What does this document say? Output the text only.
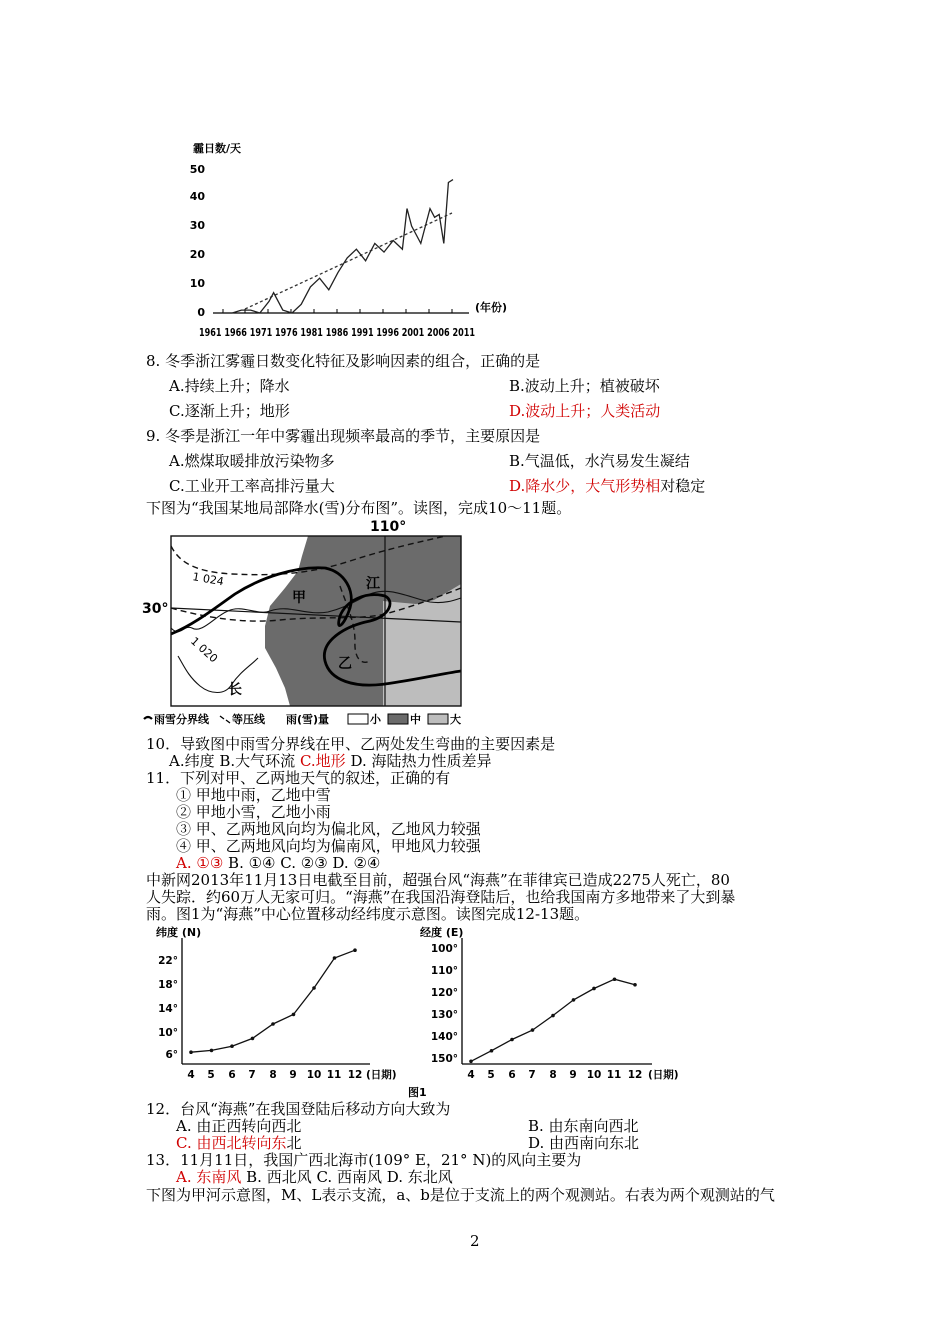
霾日数/天
50
40
30
20
10
0	(年份)
1961 1966 1971 1976 1981 1986 1991 1996 2001 2006 2011
8. 冬季浙江雾霾日数变化特征及影响因素的组合，正确的是
A.持续上升；降水	B.波动上升；植被破坏
C.逐渐上升；地形	D.波动上升；人类活动
9. 冬季是浙江一年中雾霾出现频率最高的季节，主要原因是
A.燃煤取暖排放污染物多	B.气温低，水汽易发生凝结
C.工业开工率高排污量大	D.降水少，大气形势相对稳定
下图为“我国某地局部降水(雪)分布图”。读图，完成10～11题。
110°
30°
1 024
1 020
甲
乙
江
长
雨雪分界线 等压线 雨(雪)量	小	中	大
10．导致图中雨雪分界线在甲、乙两处发生弯曲的主要因素是
A.纬度 B.大气环流 C.地形 D. 海陆热力性质差异
11．下列对甲、乙两地天气的叙述，正确的有
① 甲地中雨，乙地中雪
② 甲地小雪，乙地小雨
③ 甲、乙两地风向均为偏北风，乙地风力较强
④ 甲、乙两地风向均为偏南风，甲地风力较强
A. ①③ B. ①④ C. ②③ D. ②④
中新网2013年11月13日电截至目前，超强台风“海燕”在菲律宾已造成2275人死亡，80
人失踪．约60万人无家可归。“海燕”在我国沿海登陆后，也给我国南方多地带来了大到暴
雨。图1为“海燕”中心位置移动经纬度示意图。读图完成12-13题。
纬度 (N)
22°
18°
14°
10°
6°
4 5 6 7 8 9 10 11 12 (日期)
经度 (E)
100°
110°
120°
130°
140°
150°
4 5 6 7 8 9 10 11 12 (日期)
图1
12．台风“海燕”在我国登陆后移动方向大致为
A. 由正西转向西北	B. 由东南向西北
C. 由西北转向东北	D. 由西南向东北
13．11月11日，我国广西北海市(109° E，21° N)的风向主要为
A. 东南风 B. 西北风 C. 西南风 D. 东北风
下图为甲河示意图，M、L表示支流，a、b是位于支流上的两个观测站。右表为两个观测站的气
2
